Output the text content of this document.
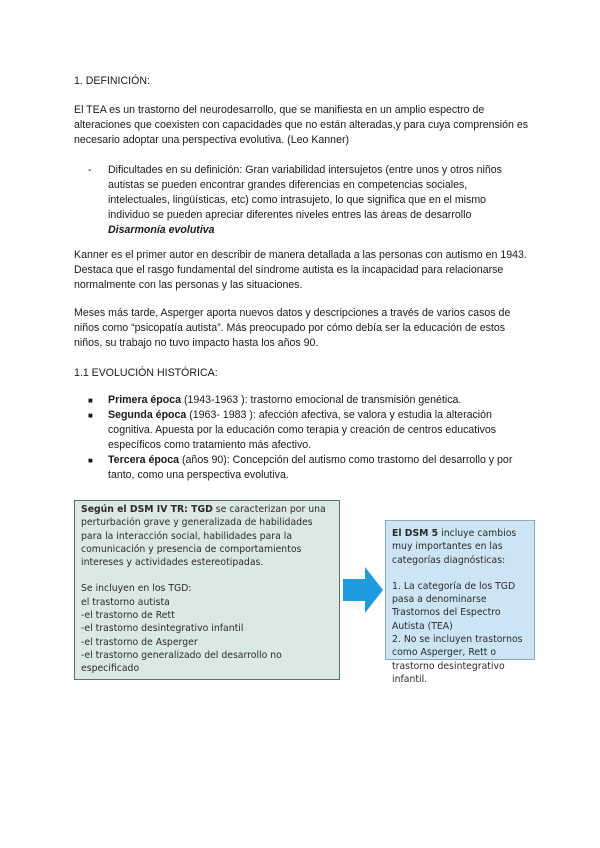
1. DEFINICIÓN:

El TEA es un trastorno del neurodesarrollo, que se manifiesta en un amplio espectro de alteraciones que coexisten con capacidades que no están alteradas,y para cuya comprensión es necesario adoptar una perspectiva evolutiva. (Leo Kanner)

- Dificultades en su definición: Gran variabilidad intersujetos (entre unos y otros niños autistas se pueden encontrar grandes diferencias en competencias sociales, intelectuales, lingüísticas, etc) como intrasujeto, lo que significa que en el mismo individuo se pueden apreciar diferentes niveles entres las áreas de desarrollo
Disarmonía evolutiva

Kanner es el primer autor en describir de manera detallada a las personas con autismo en 1943. Destaca que el rasgo fundamental del síndrome autista es la incapacidad para relacionarse normalmente con las personas y las situaciones.

Meses más tarde, Asperger aporta nuevos datos y descripciones a través de varios casos de niños como “psicopatía autista”. Más preocupado por cómo debía ser la educación de estos niños, su trabajo no tuvo impacto hasta los años 90.

1.1 EVOLUCIÓN HISTÓRICA:
■ Primera época (1943-1963 ): trastorno emocional de transmisión genética.
■ Segunda época (1963- 1983 ): afección afectiva, se valora y estudia la alteración cognitiva. Apuesta por la educación como terapia y creación de centros educativos específicos como tratamiento más afectivo.
■ Tercera época (años 90): Concepción del autismo como trastorno del desarrollo y por tanto, como una perspectiva evolutiva.

Según el DSM IV TR: TGD se caracterizan por una perturbación grave y generalizada de habilidades para la interacción social, habilidades para la comunicación y presencia de comportamientos intereses y actividades estereotipadas.

Se incluyen en los TGD:

el trastorno autista

-el trastorno de Rett

-el trastorno desintegrativo infantil

-el trastorno de Asperger

-el trastorno generalizado del desarrollo no especificado

El DSM 5 incluye cambios muy importantes en las categorías diagnósticas:

1. La categoría de los TGD pasa a denominarse Trastornos del Espectro Autista (TEA)

2. No se incluyen trastornos como Asperger, Rett o trastorno desintegrativo infantil.
